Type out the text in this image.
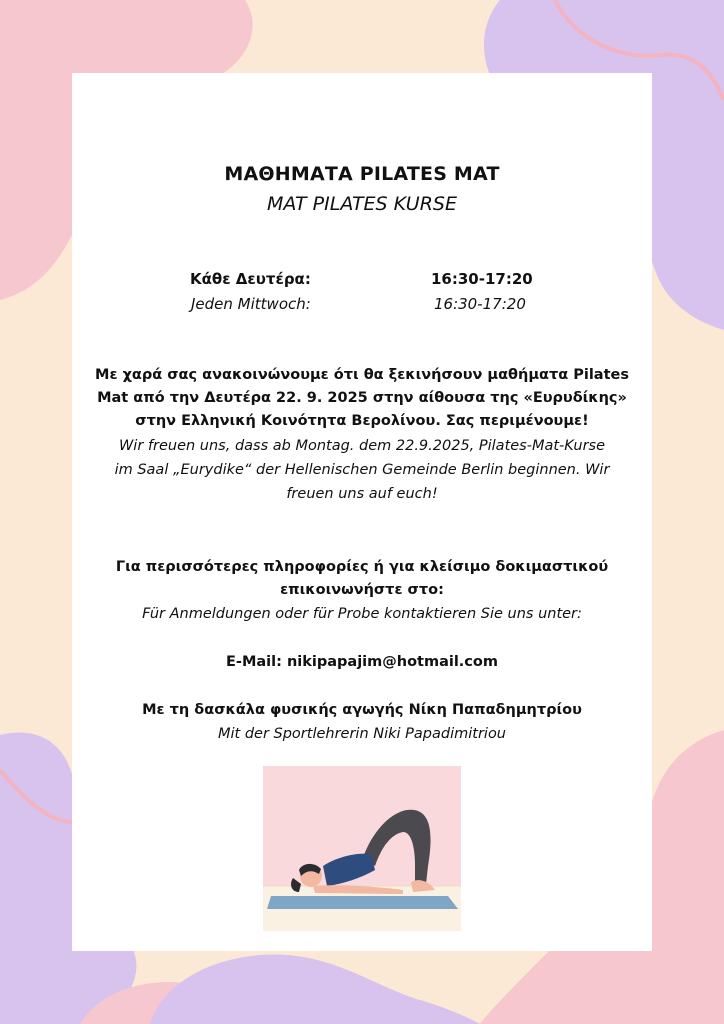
ΜΑΘΗΜΑΤΑ PILATES MAT
MAT PILATES KURSE
Κάθε Δευτέρα:	16:30-17:20
Jeden Mittwoch:	16:30-17:20
Με χαρά σας ανακοινώνουμε ότι θα ξεκινήσουν μαθήματα Pilates
Mat από την Δευτέρα 22. 9. 2025 στην αίθουσα της «Ευρυδίκης»
στην Ελληνική Κοινότητα Βερολίνου. Σας περιμένουμε!
Wir freuen uns, dass ab Montag. dem 22.9.2025, Pilates-Mat-Kurse
im Saal „Eurydike“ der Hellenischen Gemeinde Berlin beginnen. Wir
freuen uns auf euch!
Για περισσότερες πληροφορίες ή για κλείσιμο δοκιμαστικού
επικοινωνήστε στο:
Für Anmeldungen oder für Probe kontaktieren Sie uns unter:
E-Mail: nikipapajim@hotmail.com
Με τη δασκάλα φυσικής αγωγής Νίκη Παπαδημητρίου
Mit der Sportlehrerin Niki Papadimitriou
